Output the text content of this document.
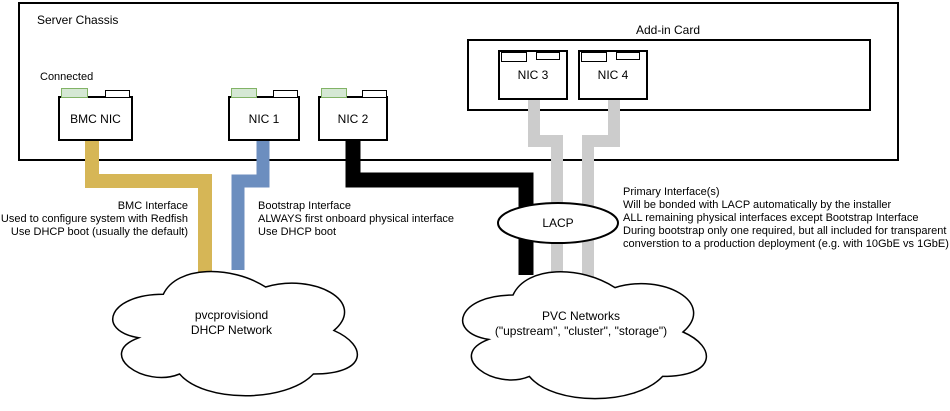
Server Chassis
Add-in Card
Connected
BMC NIC	NIC 1	NIC 2
NIC 3	NIC 4
LACP
BMC Interface
Used to configure system with Redfish
Use DHCP boot (usually the default)
Bootstrap Interface
ALWAYS first onboard physical interface
Use DHCP boot
Primary Interface(s)
Will be bonded with LACP automatically by the installer
ALL remaining physical interfaces except Bootstrap Interface
During bootstrap only one required, but all included for transparent
converstion to a production deployment (e.g. with 10GbE vs 1GbE)
pvcprovisiond
DHCP Network
PVC Networks
("upstream", "cluster", "storage")
